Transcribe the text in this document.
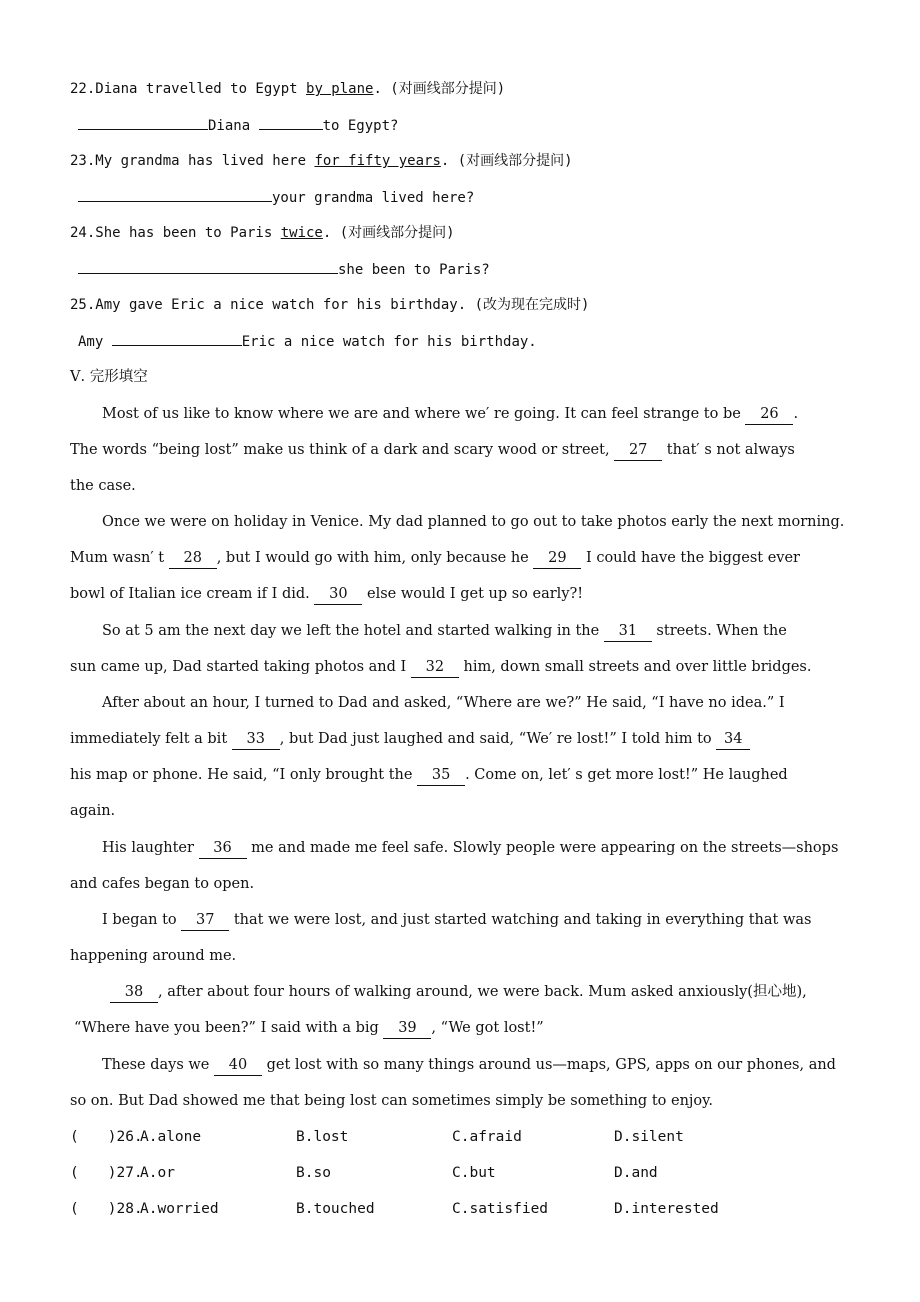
22.Diana travelled to Egypt by plane. (对画线部分提问)
Diana	to Egypt?
23.My grandma has lived here for fifty years. (对画线部分提问)
your grandma lived here?
24.She has been to Paris twice. (对画线部分提问)
she been to Paris?
25.Amy gave Eric a nice watch for his birthday. (改为现在完成时)
Amy	Eric a nice watch for his birthday.
Ⅴ. 完形填空
Most of us like to know where we are and where we′ re going. It can feel strange to be 26 .
The words “being lost” make us think of a dark and scary wood or street, 27 that′ s not always
the case.
Once we were on holiday in Venice. My dad planned to go out to take photos early the next morning.
Mum wasn′ t 28 , but I would go with him, only because he 29 I could have the biggest ever
bowl of Italian ice cream if I did. 30 else would I get up so early?!
So at 5 am the next day we left the hotel and started walking in the 31 streets. When the
sun came up, Dad started taking photos and I 32 him, down small streets and over little bridges.
After about an hour, I turned to Dad and asked, “Where are we?” He said, “I have no idea.” I
immediately felt a bit 33 , but Dad just laughed and said, “We′ re lost!” I told him to 34
his map or phone. He said, “I only brought the 35 . Come on, let′ s get more lost!” He laughed
again.
His laughter 36 me and made me feel safe. Slowly people were appearing on the streets—shops
and cafes began to open.
I began to 37 that we were lost, and just started watching and taking in everything that was
happening around me.
38 , after about four hours of walking around, we were back. Mum asked anxiously(担心地),
“Where have you been?” I said with a big 39 , “We got lost!”
These days we 40 get lost with so many things around us—maps, GPS, apps on our phones, and
so on. But Dad showed me that being lost can sometimes simply be something to enjoy.
(　　)26.
A.alone	B.lost	C.afraid	D.silent
(　　)27.
A.or	B.so	C.but	D.and
(　　)28.
A.worried	B.touched	C.satisfied	D.interested
